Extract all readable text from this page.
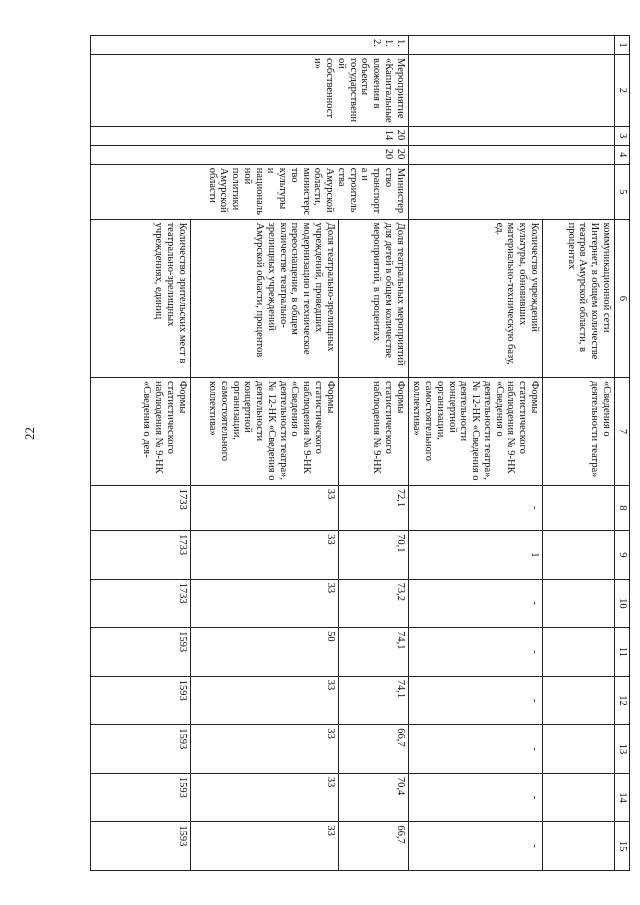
22
1	2	3	4	5	6	7	8	9	10	11	12	13	14	15
					коммуникационной сети Интернет, в общем количестве театров Амурской области, в процентах	«Сведения о деятельности театра»								
					Количество учреждений культуры, обновивших материально-техническую базу, ед.	Формы статистического наблюдения № 9-НК «Сведения о деятельности театра», № 12-НК «Сведения о деятельности концертной организации, самостоятельного коллектива»	-	1	-	-	-	-	-	-
1.1.2.	Мероприятие «Капитальные вложения в объекты государственной собственности»	2014	2020	Министерство транспорта и строительства Амурской области, министерство культуры и национальной политики Амурской области	Доля театральных мероприятий для детей в общем количестве мероприятий, в процентах	Формы статистического наблюдения № 9-НК	72,1	70,1	73,2	74,1	74,1	66,7	70,4	66,7
					Доля театрально-зрелищных учреждений, проведших модернизацию и техническое переоснащение, в общем количестве театрально-зрелищных учреждений Амурской области, процентов	Формы статистического наблюдения № 9-НК «Сведения о деятельности театра», № 12-НК «Сведения о деятельности концертной организации, самостоятельного коллектива»	33	33	33	50	33	33	33	33
					Количество зрительских мест в театрально-зрелищных учреждениях, единиц	Формы статистического наблюдения № 9-НК «Сведения о дея-	1733	1733	1733	1593	1593	1593	1593	1593
